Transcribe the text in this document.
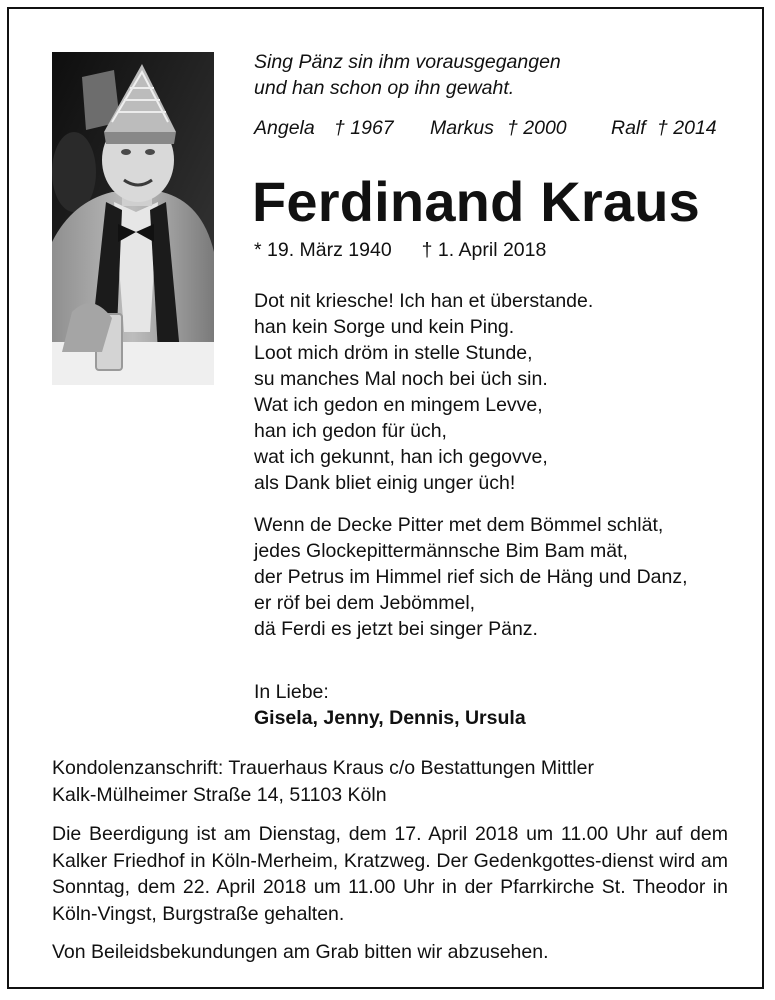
Sing Pänz sin ihm vorausgegangen
und han schon op ihn gewaht.
Angela † 1967 Markus † 2000 Ralf † 2014
Ferdinand Kraus
* 19. März 1940 † 1. April 2018
Dot nit kriesche! Ich han et überstande.
han kein Sorge und kein Ping.
Loot mich dröm in stelle Stunde,
su manches Mal noch bei üch sin.
Wat ich gedon en mingem Levve,
han ich gedon für üch,
wat ich gekunnt, han ich gegovve,
als Dank bliet einig unger üch!
Wenn de Decke Pitter met dem Bömmel schlät,
jedes Glockepittermännsche Bim Bam mät,
der Petrus im Himmel rief sich de Häng und Danz,
er röf bei dem Jebömmel,
dä Ferdi es jetzt bei singer Pänz.
In Liebe:
Gisela, Jenny, Dennis, Ursula
Kondolenzanschrift: Trauerhaus Kraus c/o Bestattungen Mittler
Kalk-Mülheimer Straße 14, 51103 Köln
Die Beerdigung ist am Dienstag, dem 17. April 2018 um 11.00 Uhr auf dem Kalker Friedhof in Köln-Merheim, Kratzweg. Der Gedenkgottes-dienst wird am Sonntag, dem 22. April 2018 um 11.00 Uhr in der Pfarrkirche St. Theodor in Köln-Vingst, Burgstraße gehalten.
Von Beileidsbekundungen am Grab bitten wir abzusehen.
